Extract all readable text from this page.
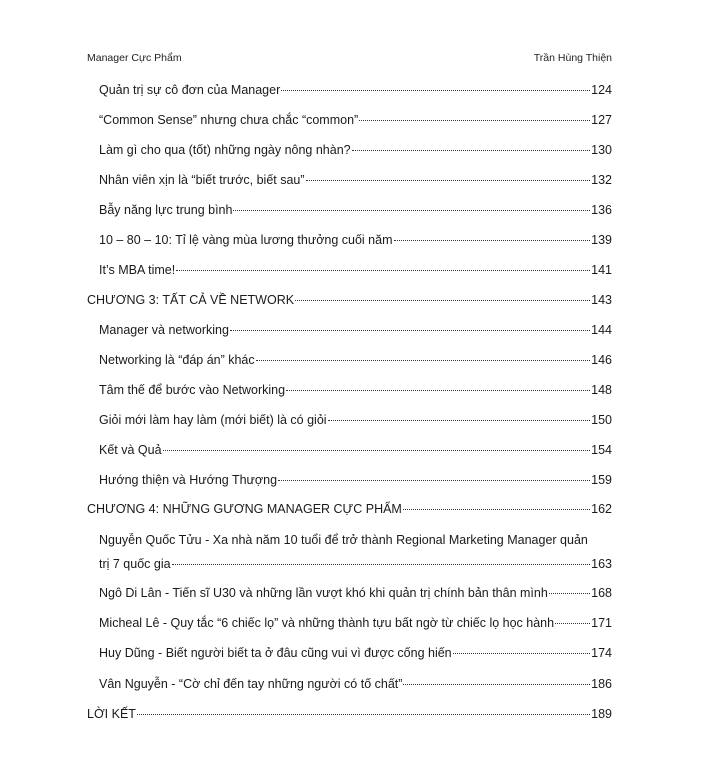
Manager Cực Phẩm	Trần Hùng Thiện
Quản trị sự cô đơn của Manager	124
“Common Sense” nhưng chưa chắc “common”	127
Làm gì cho qua (tốt) những ngày nông nhàn?	130
Nhân viên xịn là “biết trước, biết sau”	132
Bẫy năng lực trung bình	136
10 – 80 – 10: Tỉ lệ vàng mùa lương thưởng cuối năm	139
It’s MBA time!	141
CHƯƠNG 3: TẤT CẢ VỀ NETWORK	143
Manager và networking	144
Networking là “đáp án” khác	146
Tâm thế để bước vào Networking	148
Giỏi mới làm hay làm (mới biết) là có giỏi	150
Kết và Quả	154
Hướng thiện và Hướng Thượng	159
CHƯƠNG 4: NHỮNG GƯƠNG MANAGER CỰC PHẨM	162
Nguyễn Quốc Tửu - Xa nhà năm 10 tuổi để trở thành Regional Marketing Manager quản
trị 7 quốc gia	163
Ngô Di Lân - Tiến sĩ U30 và những lần vượt khó khi quản trị chính bản thân mình	168
Micheal Lê - Quy tắc “6 chiếc lọ” và những thành tựu bất ngờ từ chiếc lọ học hành	171
Huy Dũng - Biết người biết ta ở đâu cũng vui vì được cống hiến	174
Vân Nguyễn - “Cờ chỉ đến tay những người có tố chất”	186
LỜI KẾT	189
